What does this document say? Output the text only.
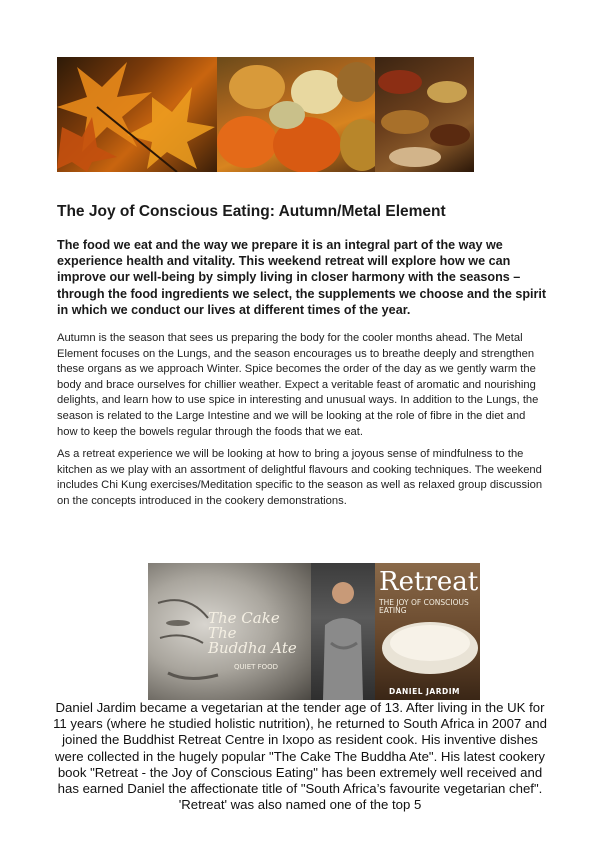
The Joy of Conscious Eating: Autumn/Metal Element

The food we eat and the way we prepare it is an integral part of the way we experience health and vitality. This weekend retreat will explore how we can improve our well-being by simply living in closer harmony with the seasons – through the food ingredients we select, the supplements we choose and the spirit in which we conduct our lives at different times of the year.

Autumn is the season that sees us preparing the body for the cooler months ahead. The Metal Element focuses on the Lungs, and the season encourages us to breathe deeply and strengthen these organs as we approach Winter. Spice becomes the order of the day as we gently warm the body and brace ourselves for chillier weather. Expect a veritable feast of aromatic and nourishing delights, and learn how to use spice in interesting and unusual ways. In addition to the Lungs, the season is related to the Large Intestine and we will be looking at the role of fibre in the diet and how to keep the bowels regular through the foods that we eat.

As a retreat experience we will be looking at how to bring a joyous sense of mindfulness to the kitchen as we play with an assortment of delightful flavours and cooking techniques. The weekend includes Chi Kung exercises/Meditation specific to the season as well as relaxed group discussion on the concepts introduced in the cookery demonstrations.

The Cake The Buddha Ate
QUIET FOOD
Retreat
THE JOY OF CONSCIOUS EATING
DANIEL JARDIM

Daniel Jardim became a vegetarian at the tender age of 13. After living in the UK for 11 years (where he studied holistic nutrition), he returned to South Africa in 2007 and joined the Buddhist Retreat Centre in Ixopo as resident cook. His inventive dishes were collected in the hugely popular "The Cake The Buddha Ate". His latest cookery book "Retreat - the Joy of Conscious Eating" has been extremely well received and has earned Daniel the affectionate title of "South Africa’s favourite vegetarian chef". 'Retreat' was also named one of the top 5
